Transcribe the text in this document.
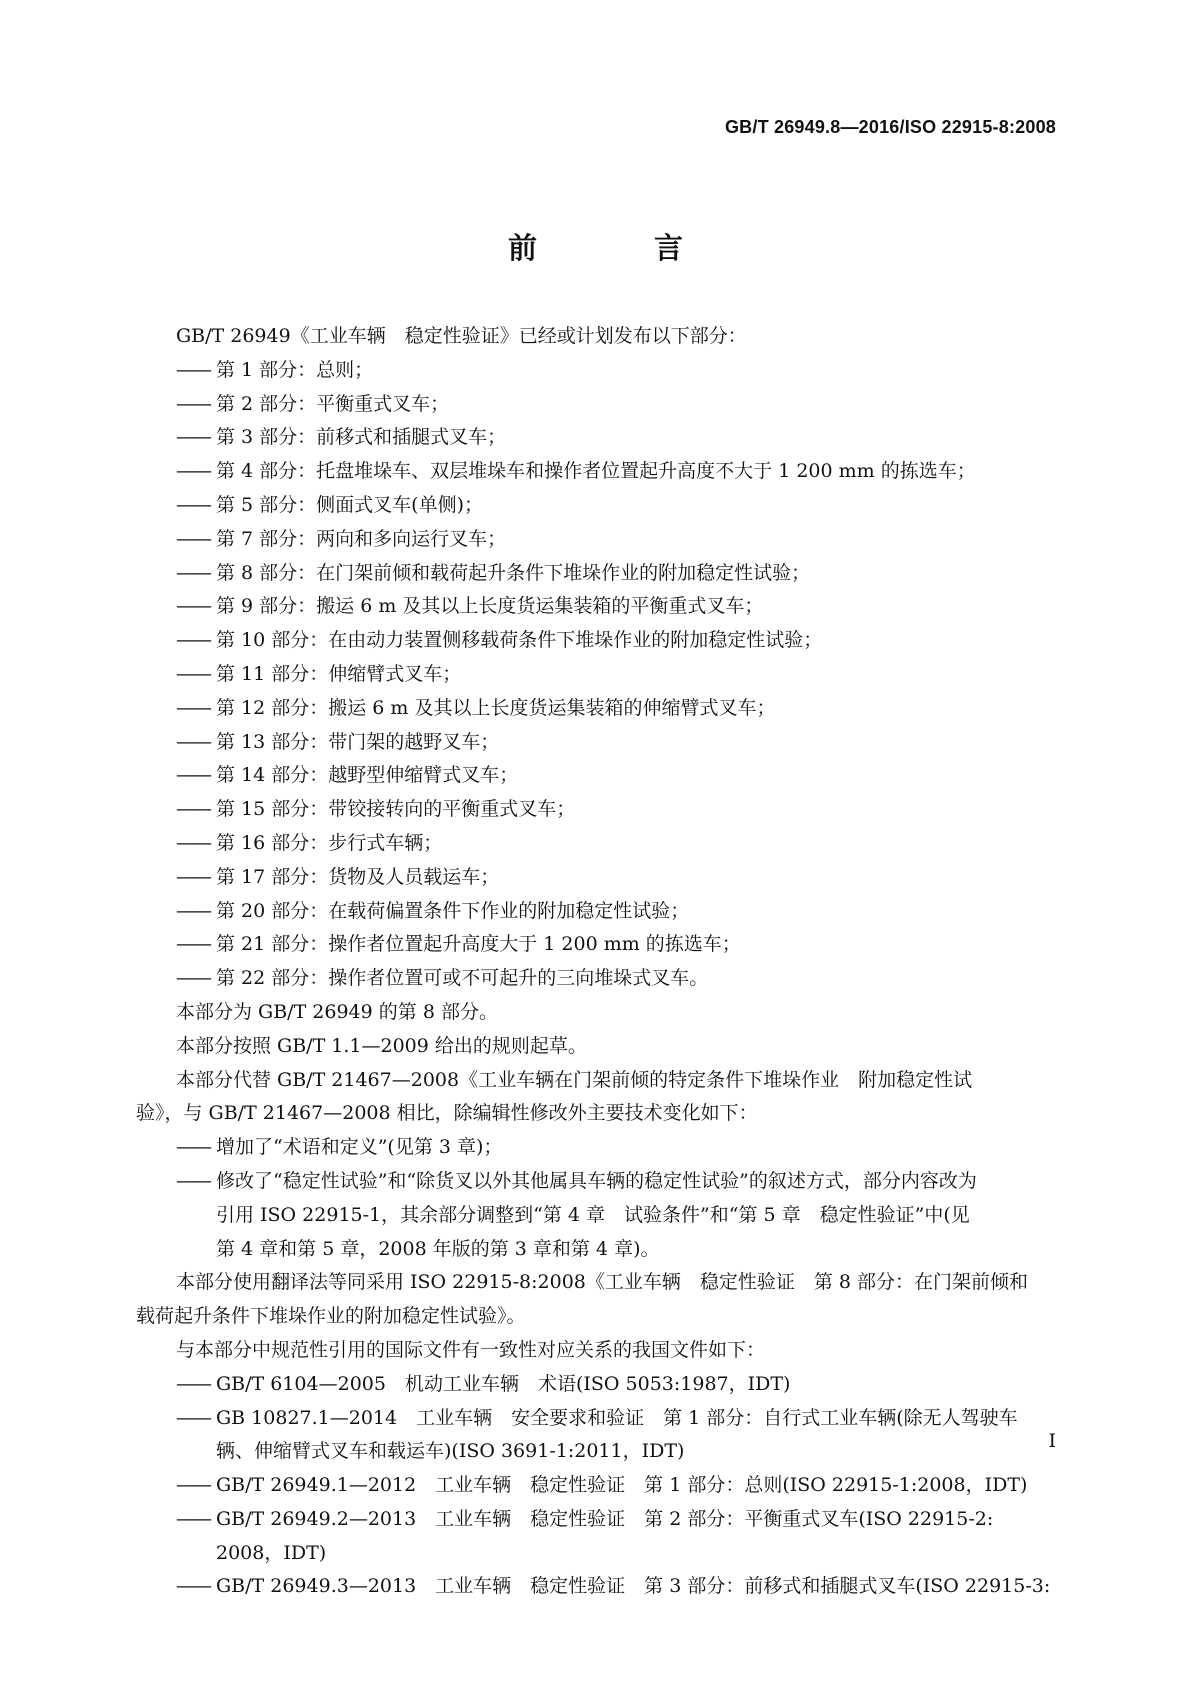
GB/T 26949.8—2016/ISO 22915-8:2008
前　言

GB/T 26949《工业车辆　稳定性验证》已经或计划发布以下部分：

—— 第 1 部分：总则；

—— 第 2 部分：平衡重式叉车；

—— 第 3 部分：前移式和插腿式叉车；

—— 第 4 部分：托盘堆垛车、双层堆垛车和操作者位置起升高度不大于 1 200 mm 的拣选车；

—— 第 5 部分：侧面式叉车(单侧)；

—— 第 7 部分：两向和多向运行叉车；

—— 第 8 部分：在门架前倾和载荷起升条件下堆垛作业的附加稳定性试验；

—— 第 9 部分：搬运 6 m 及其以上长度货运集装箱的平衡重式叉车；

—— 第 10 部分：在由动力装置侧移载荷条件下堆垛作业的附加稳定性试验；

—— 第 11 部分：伸缩臂式叉车；

—— 第 12 部分：搬运 6 m 及其以上长度货运集装箱的伸缩臂式叉车；

—— 第 13 部分：带门架的越野叉车；

—— 第 14 部分：越野型伸缩臂式叉车；

—— 第 15 部分：带铰接转向的平衡重式叉车；

—— 第 16 部分：步行式车辆；

—— 第 17 部分：货物及人员载运车；

—— 第 20 部分：在载荷偏置条件下作业的附加稳定性试验；

—— 第 21 部分：操作者位置起升高度大于 1 200 mm 的拣选车；

—— 第 22 部分：操作者位置可或不可起升的三向堆垛式叉车。

本部分为 GB/T 26949 的第 8 部分。

本部分按照 GB/T 1.1—2009 给出的规则起草。

本部分代替 GB/T 21467—2008《工业车辆在门架前倾的特定条件下堆垛作业　附加稳定性试

验》，与 GB/T 21467—2008 相比，除编辑性修改外主要技术变化如下：

—— 增加了“术语和定义”(见第 3 章)；

—— 修改了“稳定性试验”和“除货叉以外其他属具车辆的稳定性试验”的叙述方式，部分内容改为

引用 ISO 22915-1，其余部分调整到“第 4 章　试验条件”和“第 5 章　稳定性验证”中(见

第 4 章和第 5 章，2008 年版的第 3 章和第 4 章)。

本部分使用翻译法等同采用 ISO 22915-8:2008《工业车辆　稳定性验证　第 8 部分：在门架前倾和

载荷起升条件下堆垛作业的附加稳定性试验》。

与本部分中规范性引用的国际文件有一致性对应关系的我国文件如下：

—— GB/T 6104—2005　机动工业车辆　术语(ISO 5053:1987，IDT)

—— GB 10827.1—2014　工业车辆　安全要求和验证　第 1 部分：自行式工业车辆(除无人驾驶车

辆、伸缩臂式叉车和载运车)(ISO 3691-1:2011，IDT)

—— GB/T 26949.1—2012　工业车辆　稳定性验证　第 1 部分：总则(ISO 22915-1:2008，IDT)

—— GB/T 26949.2—2013　工业车辆　稳定性验证　第 2 部分：平衡重式叉车(ISO 22915-2:

2008，IDT)

—— GB/T 26949.3—2013　工业车辆　稳定性验证　第 3 部分：前移式和插腿式叉车(ISO 22915-3:

I
